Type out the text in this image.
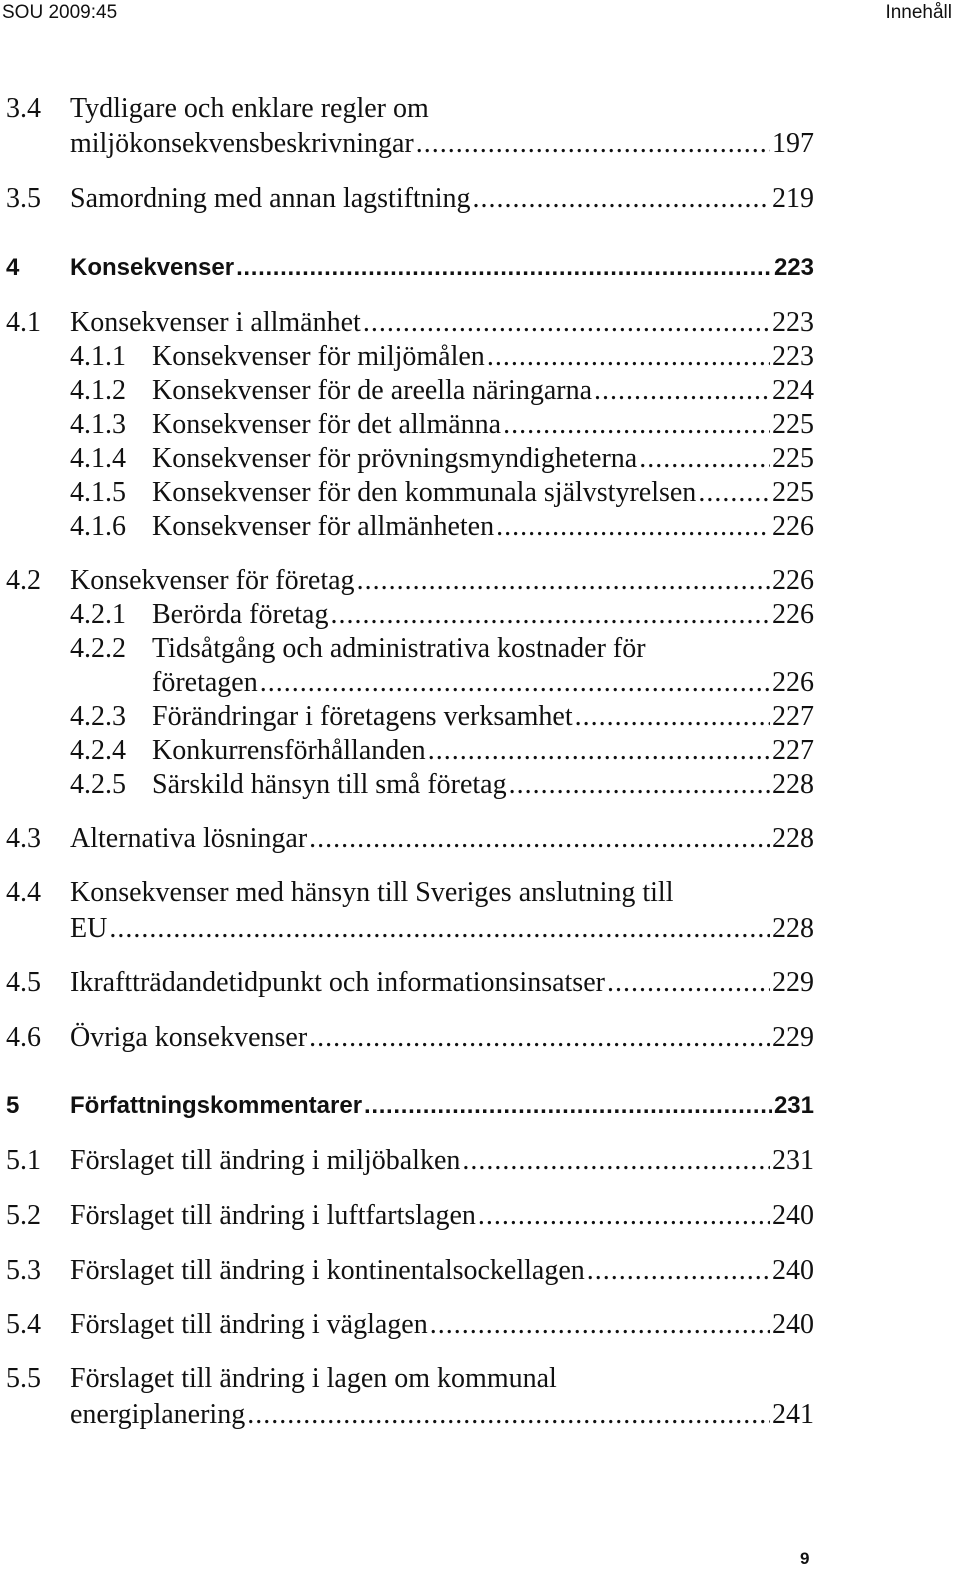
SOU 2009:45	Innehåll
3.4 Tydligare och enklare regler om
miljökonsekvensbeskrivningar . . .	197
3.5 Samordning med annan lagstiftning . . .	219
4 Konsekvenser . . .	223
4.1 Konsekvenser i allmänhet . . .	223
4.1.1 Konsekvenser för miljömålen . . .	223
4.1.2 Konsekvenser för de areella näringarna . . .	224
4.1.3 Konsekvenser för det allmänna . . .	225
4.1.4 Konsekvenser för prövningsmyndigheterna . . .	225
4.1.5 Konsekvenser för den kommunala självstyrelsen . . .	225
4.1.6 Konsekvenser för allmänheten . . .	226
4.2 Konsekvenser för företag . . .	226
4.2.1 Berörda företag . . .	226
4.2.2 Tidsåtgång och administrativa kostnader för
företagen . . .	226
4.2.3 Förändringar i företagens verksamhet . . .	227
4.2.4 Konkurrensförhållanden . . .	227
4.2.5 Särskild hänsyn till små företag . . .	228
4.3 Alternativa lösningar . . .	228
4.4 Konsekvenser med hänsyn till Sveriges anslutning till
EU . . .	228
4.5 Ikraftträdandetidpunkt och informationsinsatser . . .	229
4.6 Övriga konsekvenser . . .	229
5 Författningskommentarer . . .	231
5.1 Förslaget till ändring i miljöbalken . . .	231
5.2 Förslaget till ändring i luftfartslagen . . .	240
5.3 Förslaget till ändring i kontinentalsockellagen . . .	240
5.4 Förslaget till ändring i väglagen . . .	240
5.5 Förslaget till ändring i lagen om kommunal
energiplanering . . .	241
9
